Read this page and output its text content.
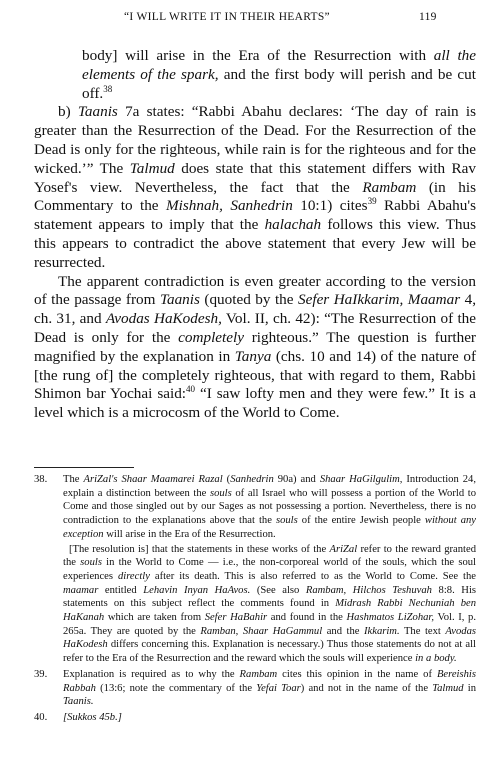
“I WILL WRITE IT IN THEIR HEARTS”	119

body] will arise in the Era of the Resurrection with all the elements of the spark, and the first body will perish and be cut off.$^{38}$

b) Taanis 7a states: “Rabbi Abahu declares: ‘The day of rain is greater than the Resurrection of the Dead. For the Resurrection of the Dead is only for the righteous, while rain is for the righteous and for the wicked.’” The Talmud does state that this statement differs with Rav Yosef's view. Nevertheless, the fact that the Rambam (in his Commentary to the Mishnah, Sanhedrin 10:1) cites$^{39}$ Rabbi Abahu's statement appears to imply that the halachah follows this view. Thus this appears to contradict the above statement that every Jew will be resurrected.

The apparent contradiction is even greater according to the version of the passage from Taanis (quoted by the Sefer HaIkkarim, Maamar 4, ch. 31, and Avodas HaKodesh, Vol. II, ch. 42): “The Resurrection of the Dead is only for the completely righteous.” The question is further magnified by the explanation in Tanya (chs. 10 and 14) of the nature of [the rung of] the completely righteous, that with regard to them, Rabbi Shimon bar Yochai said:$^{40}$ “I saw lofty men and they were few.” It is a level which is a microcosm of the World to Come.

38. The AriZal's Shaar Maamarei Razal (Sanhedrin 90a) and Shaar HaGilgulim, Introduction 24, explain a distinction between the souls of all Israel who will possess a portion of the World to Come and those singled out by our Sages as not possessing a portion. Nevertheless, there is no contradiction to the explanations above that the souls of the entire Jewish people without any exception will arise in the Era of the Resurrection.
[The resolution is] that the statements in these works of the AriZal refer to the reward granted the souls in the World to Come — i.e., the non-corporeal world of the souls, which the soul experiences directly after its death. This is also referred to as the World to Come. See the maamar entitled Lehavin Inyan HaAvos. (See also Rambam, Hilchos Teshuvah 8:8. His statements on this subject reflect the comments found in Midrash Rabbi Nechuniah ben HaKanah which are taken from Sefer HaBahir and found in the Hashmatos LiZohar, Vol. I, p. 265a. They are quoted by the Ramban, Shaar HaGammul and the Ikkarim. The text Avodas HaKodesh differs concerning this. Explanation is necessary.) Thus those statements do not at all refer to the Era of the Resurrection and the reward which the souls will experience in a body.
39. Explanation is required as to why the Rambam cites this opinion in the name of Bereishis Rabbah (13:6; note the commentary of the Yefai Toar) and not in the name of the Talmud in Taanis.
40. [Sukkos 45b.]
